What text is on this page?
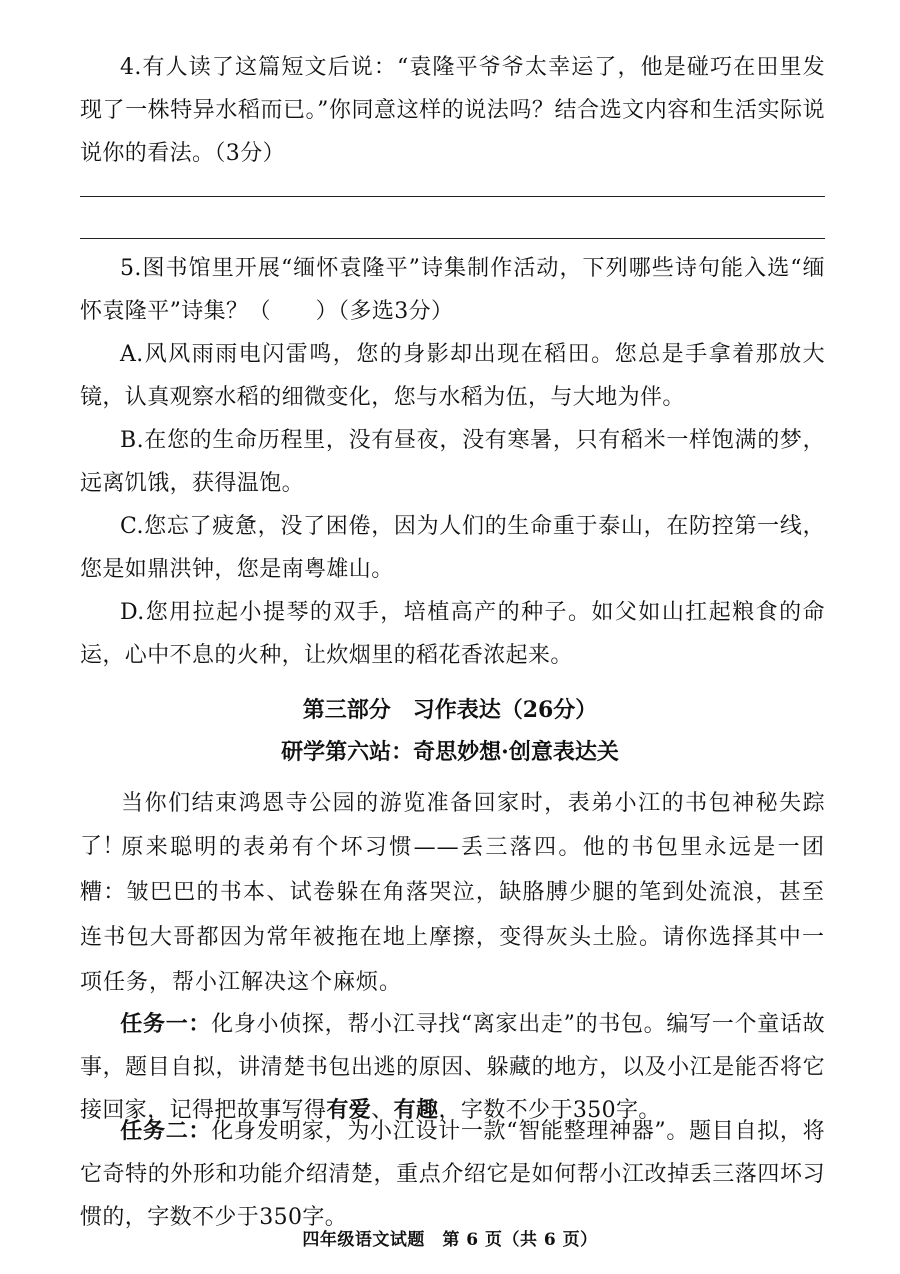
4.有人读了这篇短文后说：“袁隆平爷爷太幸运了，他是碰巧在田里发现了一株特异水稻而已。”你同意这样的说法吗？结合选文内容和生活实际说说你的看法。（3分）

5.图书馆里开展“缅怀袁隆平”诗集制作活动，下列哪些诗句能入选“缅怀袁隆平”诗集？（　　）（多选3分）

A.风风雨雨电闪雷鸣，您的身影却出现在稻田。您总是手拿着那放大镜，认真观察水稻的细微变化，您与水稻为伍，与大地为伴。

B.在您的生命历程里，没有昼夜，没有寒暑，只有稻米一样饱满的梦，远离饥饿，获得温饱。

C.您忘了疲惫，没了困倦，因为人们的生命重于泰山，在防控第一线，您是如鼎洪钟，您是南粤雄山。

D.您用拉起小提琴的双手，培植高产的种子。如父如山扛起粮食的命运，心中不息的火种，让炊烟里的稻花香浓起来。

第三部分　习作表达（26分）

研学第六站：奇思妙想·创意表达关

当你们结束鸿恩寺公园的游览准备回家时，表弟小江的书包神秘失踪了！

原来聪明的表弟有个坏习惯——丢三落四。他的书包里永远是一团糟：皱巴巴的书本、试卷躲在角落哭泣，缺胳膊少腿的笔到处流浪，甚至连书包大哥都因为常年被拖在地上摩擦，变得灰头土脸。请你选择其中一项任务，帮小江解决这个麻烦。

任务一：化身小侦探，帮小江寻找“离家出走”的书包。编写一个童话故事，题目自拟，讲清楚书包出逃的原因、躲藏的地方，以及小江是能否将它接回家，记得把故事写得有爱、有趣，字数不少于350字。

任务二：化身发明家，为小江设计一款“智能整理神器”。题目自拟，将它奇特的外形和功能介绍清楚，重点介绍它是如何帮小江改掉丢三落四坏习惯的，字数不少于350字。

四年级语文试题　第 6 页（共 6 页）
